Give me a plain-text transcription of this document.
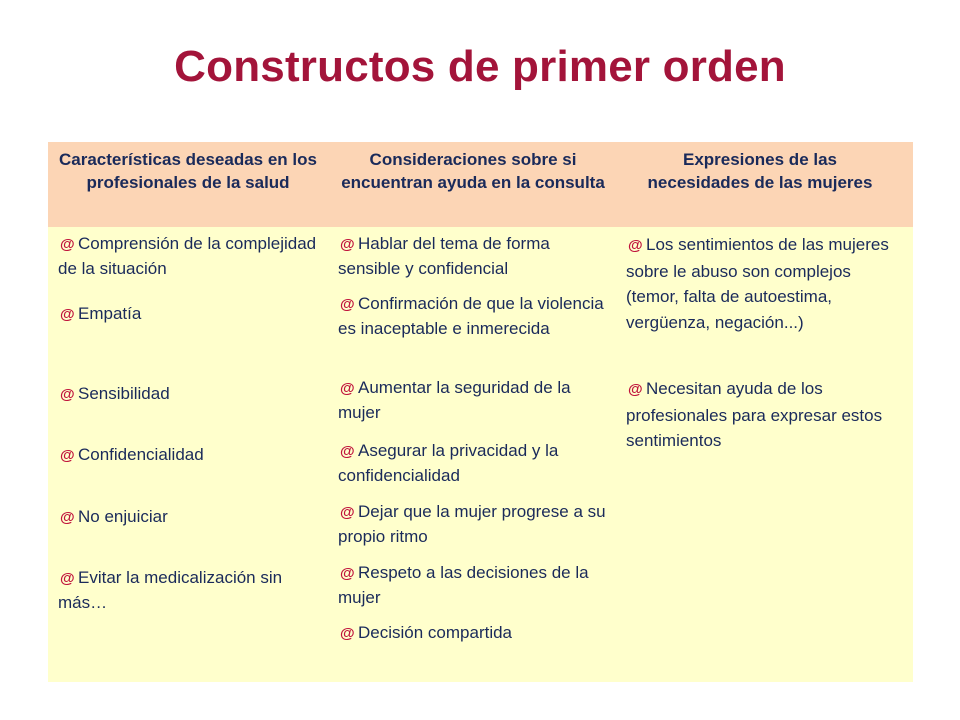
Constructos de primer orden
Características deseadas en los profesionales de la salud
Consideraciones sobre si encuentran ayuda en la consulta
Expresiones de las necesidades de las mujeres
@ Comprensión de la complejidad de la situación
@ Empatía
@ Sensibilidad
@ Confidencialidad
@ No enjuiciar
@ Evitar la medicalización sin más…
@ Hablar del tema de forma sensible y confidencial
@ Confirmación de que la violencia es inaceptable e inmerecida
@ Aumentar la seguridad de la mujer
@ Asegurar la privacidad y la confidencialidad
@ Dejar que la mujer progrese a su propio ritmo
@ Respeto a las decisiones de la mujer
@ Decisión compartida
@ Los sentimientos de las mujeres sobre le abuso son complejos (temor, falta de autoestima, vergüenza, negación...)
@ Necesitan ayuda de los profesionales para expresar estos sentimientos
